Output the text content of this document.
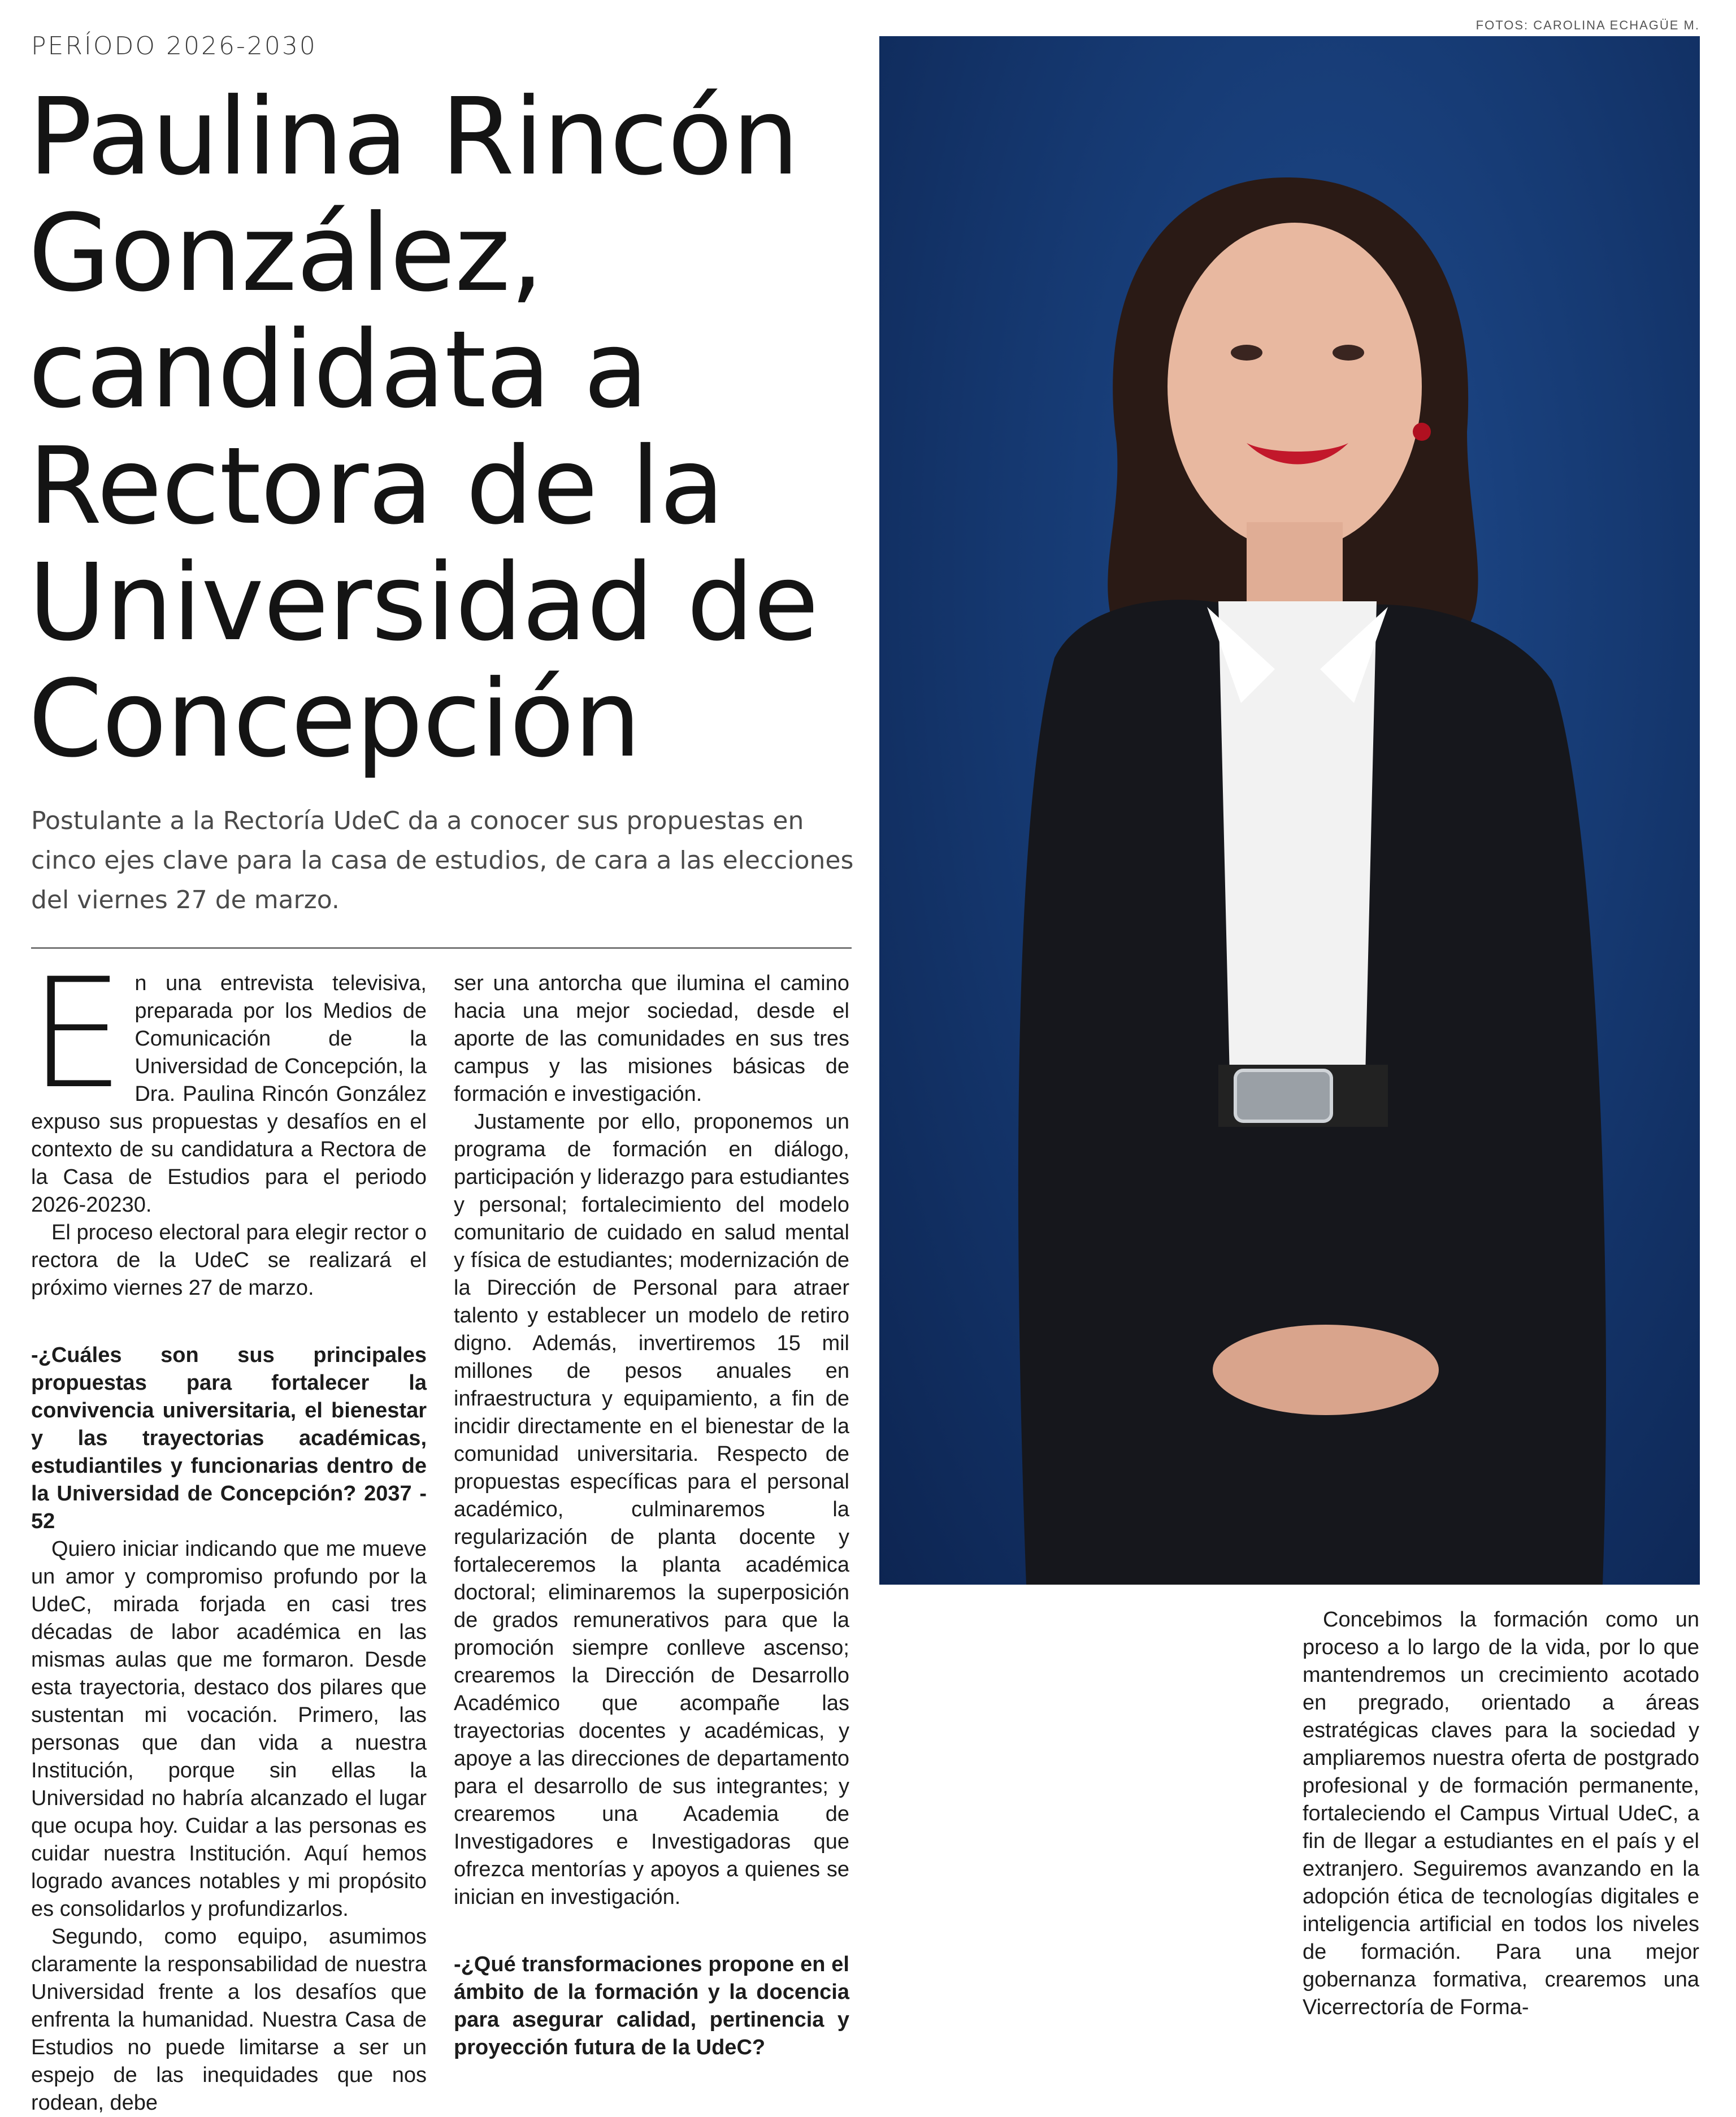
PERÍODO 2026-2030
FOTOS: CAROLINA ECHAGÜE M.
Paulina Rincón González, candidata a Rectora de la Universidad de Concepción

Postulante a la Rectoría UdeC da a conocer sus propuestas en cinco ejes clave para la casa de estudios, de cara a las elecciones del viernes 27 de marzo.

En una entrevista televisiva, preparada por los Medios de Comunicación de la Universidad de Concepción, la Dra. Paulina Rincón González expuso sus propuestas y desafíos en el contexto de su candidatura a Rectora de la Casa de Estudios para el periodo 2026-20230.

El proceso electoral para elegir rector o rectora de la UdeC se realizará el próximo viernes 27 de marzo.

-¿Cuáles son sus principales propuestas para fortalecer la convivencia universitaria, el bienestar y las trayectorias académicas, estudiantiles y funcionarias dentro de la Universidad de Concepción? 2037 - 52

Quiero iniciar indicando que me mueve un amor y compromiso profundo por la UdeC, mirada forjada en casi tres décadas de labor académica en las mismas aulas que me formaron. Desde esta trayectoria, destaco dos pilares que sustentan mi vocación. Primero, las personas que dan vida a nuestra Institución, porque sin ellas la Universidad no habría alcanzado el lugar que ocupa hoy. Cuidar a las personas es cuidar nuestra Institución. Aquí hemos logrado avances notables y mi propósito es consolidarlos y profundizarlos.

Segundo, como equipo, asumimos claramente la responsabilidad de nuestra Universidad frente a los desafíos que enfrenta la humanidad. Nuestra Casa de Estudios no puede limitarse a ser un espejo de las inequidades que nos rodean, debe

ser una antorcha que ilumina el camino hacia una mejor sociedad, desde el aporte de las comunidades en sus tres campus y las misiones básicas de formación e investigación.

Justamente por ello, proponemos un programa de formación en diálogo, participación y liderazgo para estudiantes y personal; fortalecimiento del modelo comunitario de cuidado en salud mental y física de estudiantes; modernización de la Dirección de Personal para atraer talento y establecer un modelo de retiro digno. Además, invertiremos 15 mil millones de pesos anuales en infraestructura y equipamiento, a fin de incidir directamente en el bienestar de la comunidad universitaria. Respecto de propuestas específicas para el personal académico, culminaremos la regularización de planta docente y fortaleceremos la planta académica doctoral; eliminaremos la superposición de grados remunerativos para que la promoción siempre conlleve ascenso; crearemos la Dirección de Desarrollo Académico que acompañe las trayectorias docentes y académicas, y apoye a las direcciones de departamento para el desarrollo de sus integrantes; y crearemos una Academia de Investigadores e Investigadoras que ofrezca mentorías y apoyos a quienes se inician en investigación.

-¿Qué transformaciones propone en el ámbito de la formación y la docencia para asegurar calidad, pertinencia y proyección futura de la UdeC?

Concebimos la formación como un proceso a lo largo de la vida, por lo que mantendremos un crecimiento acotado en pregrado, orientado a áreas estratégicas claves para la sociedad y ampliaremos nuestra oferta de postgrado profesional y de formación permanente, fortaleciendo el Campus Virtual UdeC, a fin de llegar a estudiantes en el país y el extranjero. Seguiremos avanzando en la adopción ética de tecnologías digitales e inteligencia artificial en todos los niveles de formación. Para una mejor gobernanza formativa, crearemos una Vicerrectoría de Forma-
